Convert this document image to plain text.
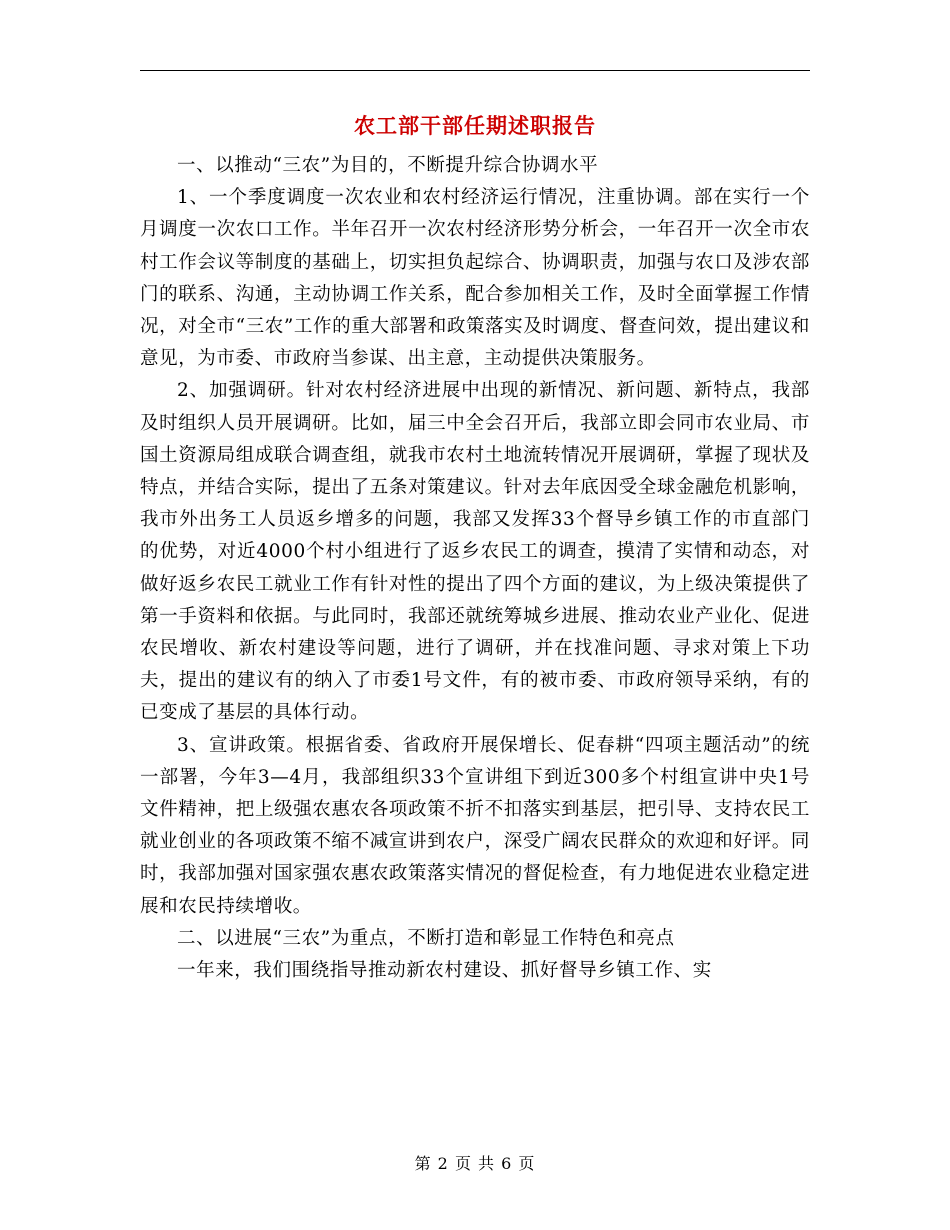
农工部干部任期述职报告

一、以推动“三农”为目的，不断提升综合协调水平

1、一个季度调度一次农业和农村经济运行情况，注重协调。部在实行一个月调度一次农口工作。半年召开一次农村经济形势分析会，一年召开一次全市农村工作会议等制度的基础上，切实担负起综合、协调职责，加强与农口及涉农部门的联系、沟通，主动协调工作关系，配合参加相关工作，及时全面掌握工作情况，对全市“三农”工作的重大部署和政策落实及时调度、督查问效，提出建议和意见，为市委、市政府当参谋、出主意，主动提供决策服务。

2、加强调研。针对农村经济进展中出现的新情况、新问题、新特点，我部及时组织人员开展调研。比如，届三中全会召开后，我部立即会同市农业局、市国土资源局组成联合调查组，就我市农村土地流转情况开展调研，掌握了现状及特点，并结合实际，提出了五条对策建议。针对去年底因受全球金融危机影响，我市外出务工人员返乡增多的问题，我部又发挥33个督导乡镇工作的市直部门的优势，对近4000个村小组进行了返乡农民工的调查，摸清了实情和动态，对做好返乡农民工就业工作有针对性的提出了四个方面的建议，为上级决策提供了第一手资料和依据。与此同时，我部还就统筹城乡进展、推动农业产业化、促进农民增收、新农村建设等问题，进行了调研，并在找准问题、寻求对策上下功夫，提出的建议有的纳入了市委1号文件，有的被市委、市政府领导采纳，有的已变成了基层的具体行动。

3、宣讲政策。根据省委、省政府开展保增长、促春耕“四项主题活动”的统一部署，今年3—4月，我部组织33个宣讲组下到近300多个村组宣讲中央1号文件精神，把上级强农惠农各项政策不折不扣落实到基层，把引导、支持农民工就业创业的各项政策不缩不减宣讲到农户，深受广阔农民群众的欢迎和好评。同时，我部加强对国家强农惠农政策落实情况的督促检查，有力地促进农业稳定进展和农民持续增收。

二、以进展“三农”为重点，不断打造和彰显工作特色和亮点

一年来，我们围绕指导推动新农村建设、抓好督导乡镇工作、实

第 2 页 共 6 页
